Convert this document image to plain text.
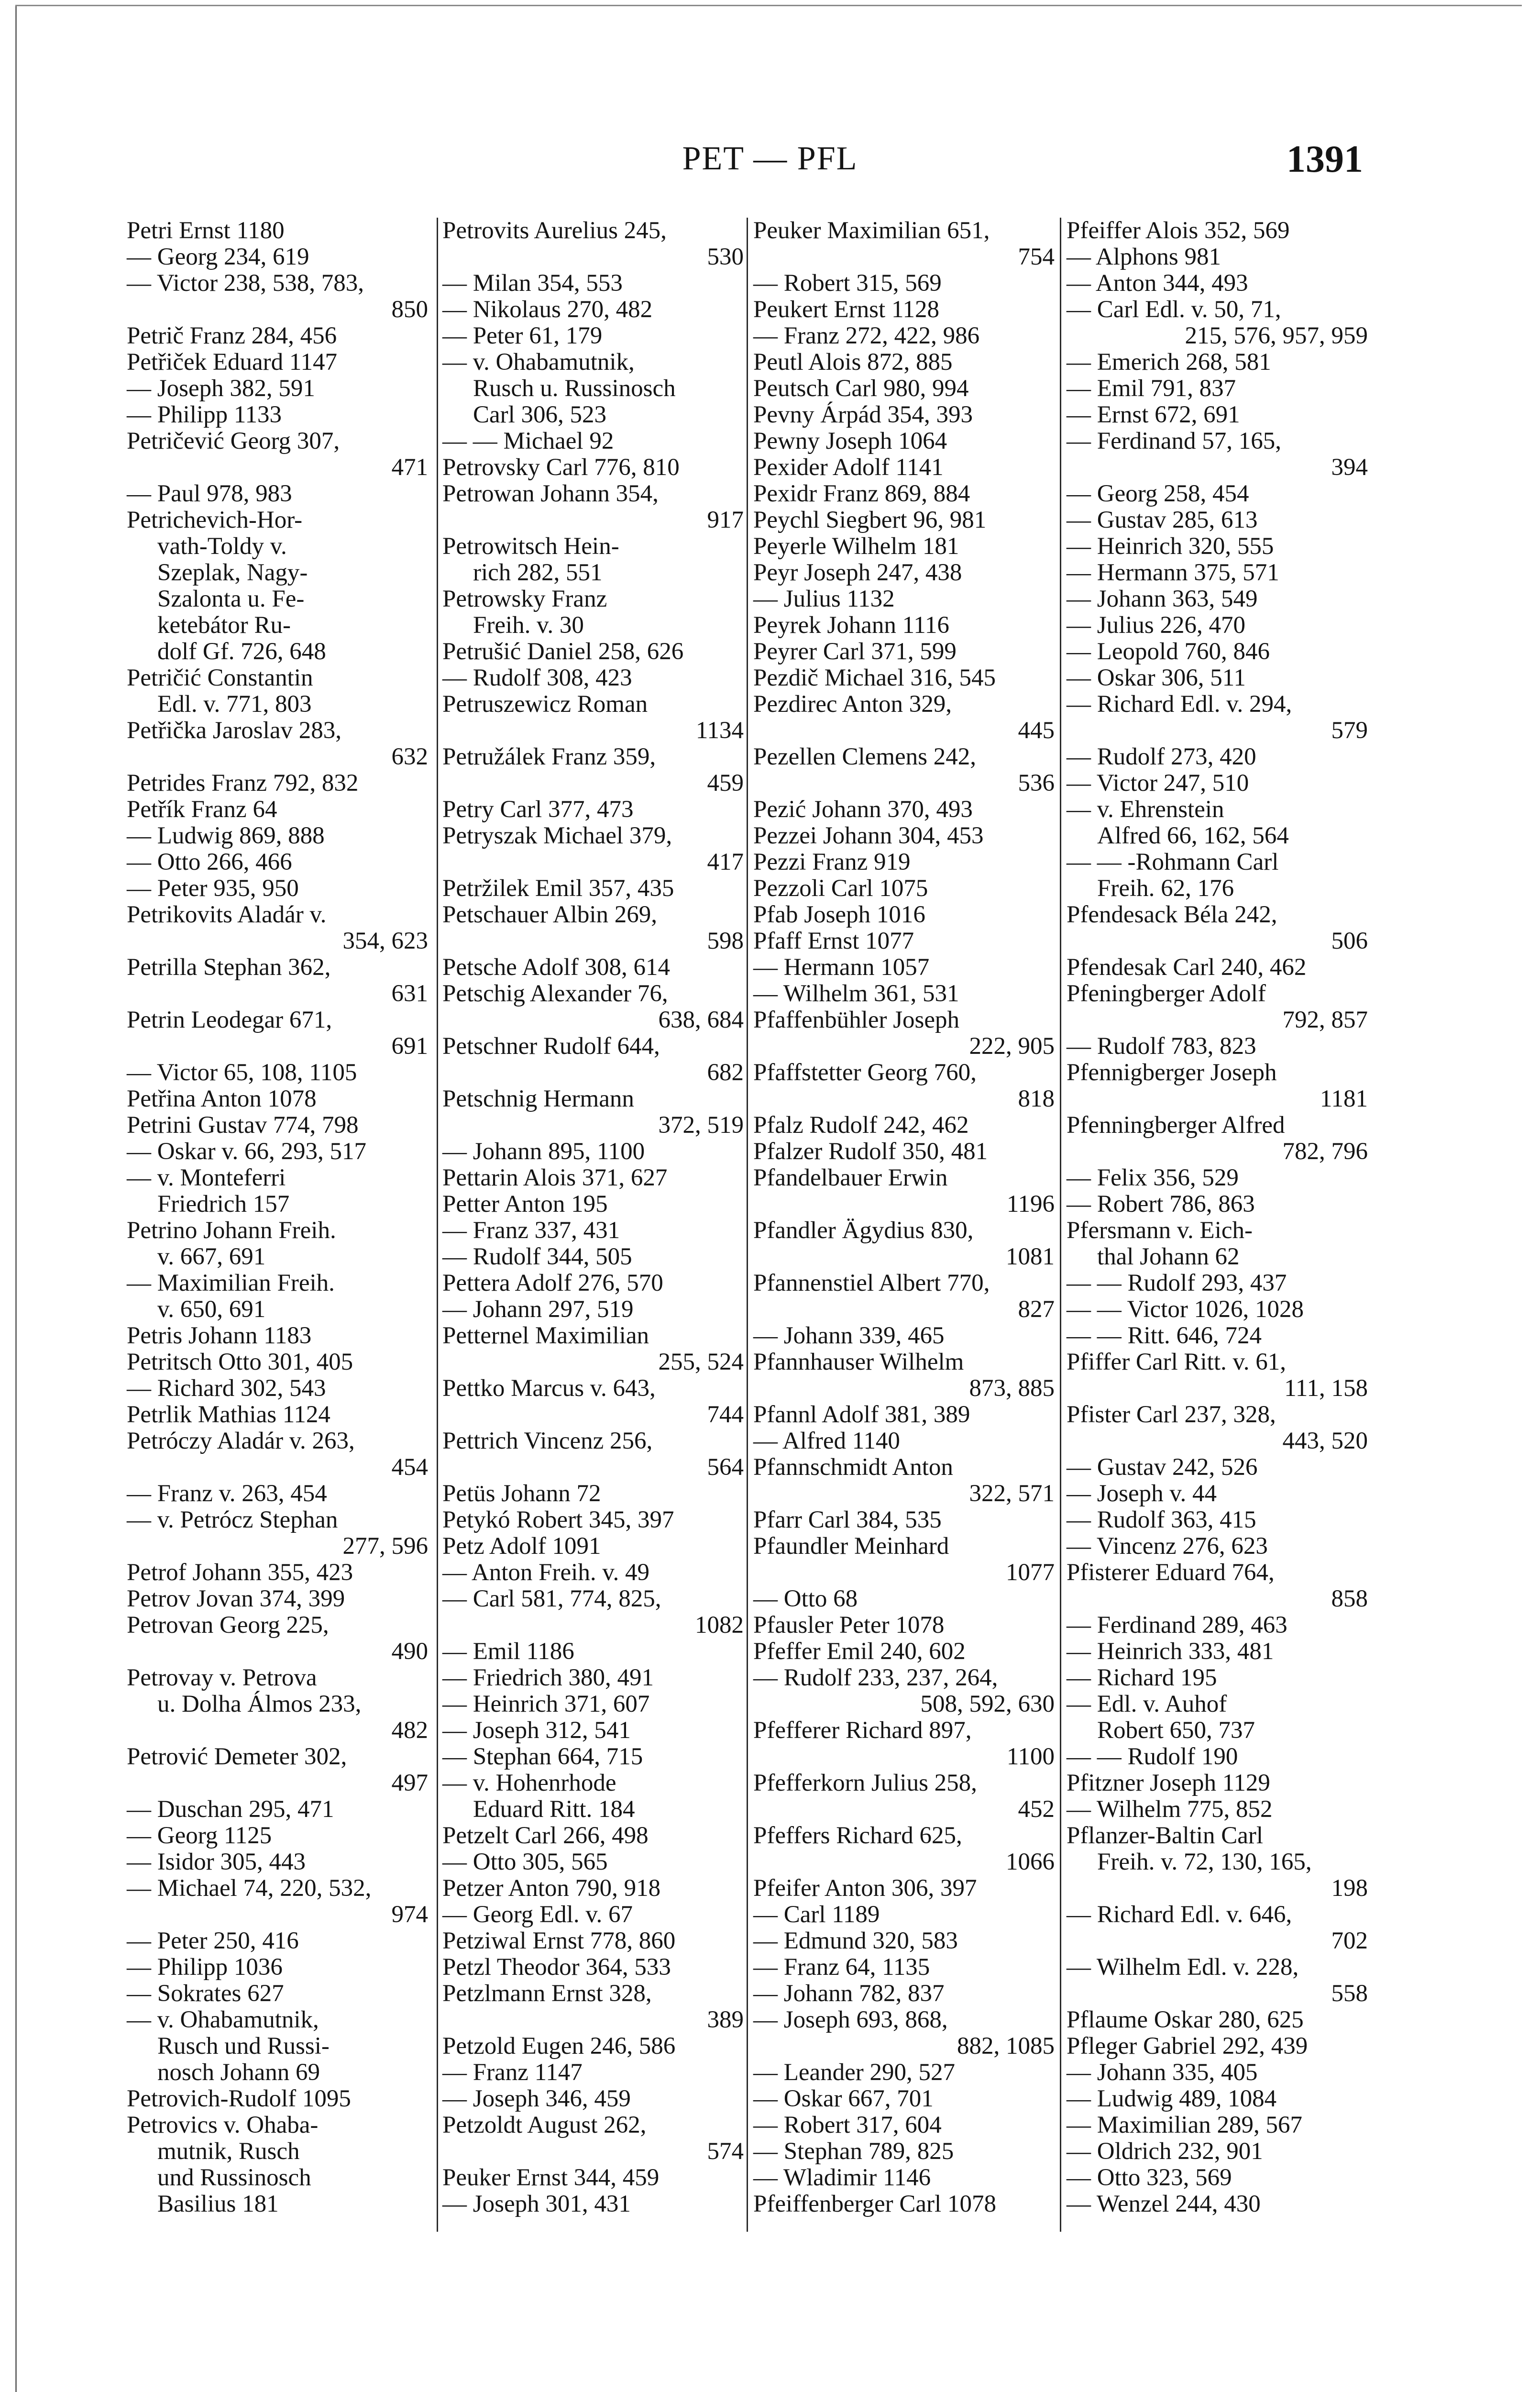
PET — PFL	1391
Petri Ernst 1180
— Georg 234, 619
— Victor 238, 538, 783,
850
Petrič Franz 284, 456
Petřiček Eduard 1147
— Joseph 382, 591
— Philipp 1133
Petričević Georg 307,
471
— Paul 978, 983
Petrichevich-Hor-
vath-Toldy v.
Szeplak, Nagy-
Szalonta u. Fe-
ketebátor Ru-
dolf Gf. 726, 648
Petričić Constantin
Edl. v. 771, 803
Petřička Jaroslav 283,
632
Petrides Franz 792, 832
Petřík Franz 64
— Ludwig 869, 888
— Otto 266, 466
— Peter 935, 950
Petrikovits Aladár v.
354, 623
Petrilla Stephan 362,
631
Petrin Leodegar 671,
691
— Victor 65, 108, 1105
Petřina Anton 1078
Petrini Gustav 774, 798
— Oskar v. 66, 293, 517
— v. Monteferri
Friedrich 157
Petrino Johann Freih.
v. 667, 691
— Maximilian Freih.
v. 650, 691
Petris Johann 1183
Petritsch Otto 301, 405
— Richard 302, 543
Petrlik Mathias 1124
Petróczy Aladár v. 263,
454
— Franz v. 263, 454
— v. Petrócz Stephan
277, 596
Petrof Johann 355, 423
Petrov Jovan 374, 399
Petrovan Georg 225,
490
Petrovay v. Petrova
u. Dolha Álmos 233,
482
Petrović Demeter 302,
497
— Duschan 295, 471
— Georg 1125
— Isidor 305, 443
— Michael 74, 220, 532,
974
— Peter 250, 416
— Philipp 1036
— Sokrates 627
— v. Ohabamutnik,
Rusch und Russi-
nosch Johann 69
Petrovich-Rudolf 1095
Petrovics v. Ohaba-
mutnik, Rusch
und Russinosch
Basilius 181
Petrovits Aurelius 245,
530
— Milan 354, 553
— Nikolaus 270, 482
— Peter 61, 179
— v. Ohabamutnik,
Rusch u. Russinosch
Carl 306, 523
— — Michael 92
Petrovsky Carl 776, 810
Petrowan Johann 354,
917
Petrowitsch Hein-
rich 282, 551
Petrowsky Franz
Freih. v. 30
Petrušić Daniel 258, 626
— Rudolf 308, 423
Petruszewicz Roman
1134
Petružálek Franz 359,
459
Petry Carl 377, 473
Petryszak Michael 379,
417
Petržilek Emil 357, 435
Petschauer Albin 269,
598
Petsche Adolf 308, 614
Petschig Alexander 76,
638, 684
Petschner Rudolf 644,
682
Petschnig Hermann
372, 519
— Johann 895, 1100
Pettarin Alois 371, 627
Petter Anton 195
— Franz 337, 431
— Rudolf 344, 505
Pettera Adolf 276, 570
— Johann 297, 519
Petternel Maximilian
255, 524
Pettko Marcus v. 643,
744
Pettrich Vincenz 256,
564
Petüs Johann 72
Petykó Robert 345, 397
Petz Adolf 1091
— Anton Freih. v. 49
— Carl 581, 774, 825,
1082
— Emil 1186
— Friedrich 380, 491
— Heinrich 371, 607
— Joseph 312, 541
— Stephan 664, 715
— v. Hohenrhode
Eduard Ritt. 184
Petzelt Carl 266, 498
— Otto 305, 565
Petzer Anton 790, 918
— Georg Edl. v. 67
Petziwal Ernst 778, 860
Petzl Theodor 364, 533
Petzlmann Ernst 328,
389
Petzold Eugen 246, 586
— Franz 1147
— Joseph 346, 459
Petzoldt August 262,
574
Peuker Ernst 344, 459
— Joseph 301, 431
Peuker Maximilian 651,
754
— Robert 315, 569
Peukert Ernst 1128
— Franz 272, 422, 986
Peutl Alois 872, 885
Peutsch Carl 980, 994
Pevny Árpád 354, 393
Pewny Joseph 1064
Pexider Adolf 1141
Pexidr Franz 869, 884
Peychl Siegbert 96, 981
Peyerle Wilhelm 181
Peyr Joseph 247, 438
— Julius 1132
Peyrek Johann 1116
Peyrer Carl 371, 599
Pezdič Michael 316, 545
Pezdirec Anton 329,
445
Pezellen Clemens 242,
536
Pezić Johann 370, 493
Pezzei Johann 304, 453
Pezzi Franz 919
Pezzoli Carl 1075
Pfab Joseph 1016
Pfaff Ernst 1077
— Hermann 1057
— Wilhelm 361, 531
Pfaffenbühler Joseph
222, 905
Pfaffstetter Georg 760,
818
Pfalz Rudolf 242, 462
Pfalzer Rudolf 350, 481
Pfandelbauer Erwin
1196
Pfandler Ägydius 830,
1081
Pfannenstiel Albert 770,
827
— Johann 339, 465
Pfannhauser Wilhelm
873, 885
Pfannl Adolf 381, 389
— Alfred 1140
Pfannschmidt Anton
322, 571
Pfarr Carl 384, 535
Pfaundler Meinhard
1077
— Otto 68
Pfausler Peter 1078
Pfeffer Emil 240, 602
— Rudolf 233, 237, 264,
508, 592, 630
Pfefferer Richard 897,
1100
Pfefferkorn Julius 258,
452
Pfeffers Richard 625,
1066
Pfeifer Anton 306, 397
— Carl 1189
— Edmund 320, 583
— Franz 64, 1135
— Johann 782, 837
— Joseph 693, 868,
882, 1085
— Leander 290, 527
— Oskar 667, 701
— Robert 317, 604
— Stephan 789, 825
— Wladimir 1146
Pfeiffenberger Carl 1078
Pfeiffer Alois 352, 569
— Alphons 981
— Anton 344, 493
— Carl Edl. v. 50, 71,
215, 576, 957, 959
— Emerich 268, 581
— Emil 791, 837
— Ernst 672, 691
— Ferdinand 57, 165,
394
— Georg 258, 454
— Gustav 285, 613
— Heinrich 320, 555
— Hermann 375, 571
— Johann 363, 549
— Julius 226, 470
— Leopold 760, 846
— Oskar 306, 511
— Richard Edl. v. 294,
579
— Rudolf 273, 420
— Victor 247, 510
— v. Ehrenstein
Alfred 66, 162, 564
— — -Rohmann Carl
Freih. 62, 176
Pfendesack Béla 242,
506
Pfendesak Carl 240, 462
Pfeningberger Adolf
792, 857
— Rudolf 783, 823
Pfennigberger Joseph
1181
Pfenningberger Alfred
782, 796
— Felix 356, 529
— Robert 786, 863
Pfersmann v. Eich-
thal Johann 62
— — Rudolf 293, 437
— — Victor 1026, 1028
— — Ritt. 646, 724
Pfiffer Carl Ritt. v. 61,
111, 158
Pfister Carl 237, 328,
443, 520
— Gustav 242, 526
— Joseph v. 44
— Rudolf 363, 415
— Vincenz 276, 623
Pfisterer Eduard 764,
858
— Ferdinand 289, 463
— Heinrich 333, 481
— Richard 195
— Edl. v. Auhof
Robert 650, 737
— — Rudolf 190
Pfitzner Joseph 1129
— Wilhelm 775, 852
Pflanzer-Baltin Carl
Freih. v. 72, 130, 165,
198
— Richard Edl. v. 646,
702
— Wilhelm Edl. v. 228,
558
Pflaume Oskar 280, 625
Pfleger Gabriel 292, 439
— Johann 335, 405
— Ludwig 489, 1084
— Maximilian 289, 567
— Oldrich 232, 901
— Otto 323, 569
— Wenzel 244, 430
